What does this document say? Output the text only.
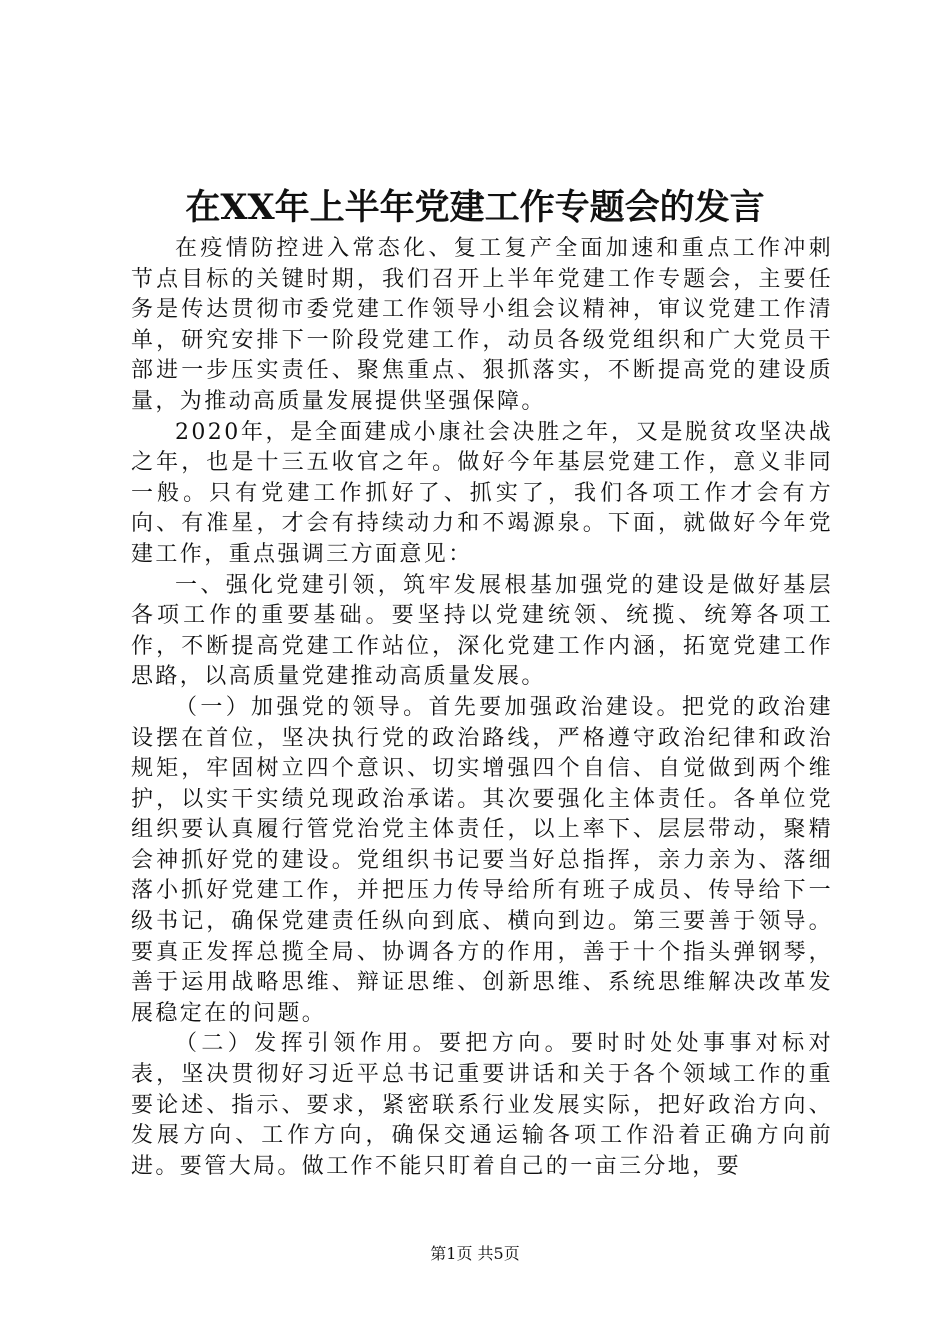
在XX年上半年党建工作专题会的发言

在疫情防控进入常态化、复工复产全面加速和重点工作冲刺节点目标的关键时期，我们召开上半年党建工作专题会，主要任务是传达贯彻市委党建工作领导小组会议精神，审议党建工作清单，研究安排下一阶段党建工作，动员各级党组织和广大党员干部进一步压实责任、聚焦重点、狠抓落实，不断提高党的建设质量，为推动高质量发展提供坚强保障。

2020年，是全面建成小康社会决胜之年，又是脱贫攻坚决战之年，也是十三五收官之年。做好今年基层党建工作，意义非同一般。只有党建工作抓好了、抓实了，我们各项工作才会有方向、有准星，才会有持续动力和不竭源泉。下面，就做好今年党建工作，重点强调三方面意见：

一、强化党建引领，筑牢发展根基加强党的建设是做好基层各项工作的重要基础。要坚持以党建统领、统揽、统筹各项工作，不断提高党建工作站位，深化党建工作内涵，拓宽党建工作思路，以高质量党建推动高质量发展。

（一）加强党的领导。首先要加强政治建设。把党的政治建设摆在首位，坚决执行党的政治路线，严格遵守政治纪律和政治规矩，牢固树立四个意识、切实增强四个自信、自觉做到两个维护，以实干实绩兑现政治承诺。其次要强化主体责任。各单位党组织要认真履行管党治党主体责任，以上率下、层层带动，聚精会神抓好党的建设。党组织书记要当好总指挥，亲力亲为、落细落小抓好党建工作，并把压力传导给所有班子成员、传导给下一级书记，确保党建责任纵向到底、横向到边。第三要善于领导。要真正发挥总揽全局、协调各方的作用，善于十个指头弹钢琴，善于运用战略思维、辩证思维、创新思维、系统思维解决改革发展稳定在的问题。

（二）发挥引领作用。要把方向。要时时处处事事对标对表，坚决贯彻好习近平总书记重要讲话和关于各个领域工作的重要论述、指示、要求，紧密联系行业发展实际，把好政治方向、发展方向、工作方向，确保交通运输各项工作沿着正确方向前进。要管大局。做工作不能只盯着自己的一亩三分地，要

第1页 共5页
